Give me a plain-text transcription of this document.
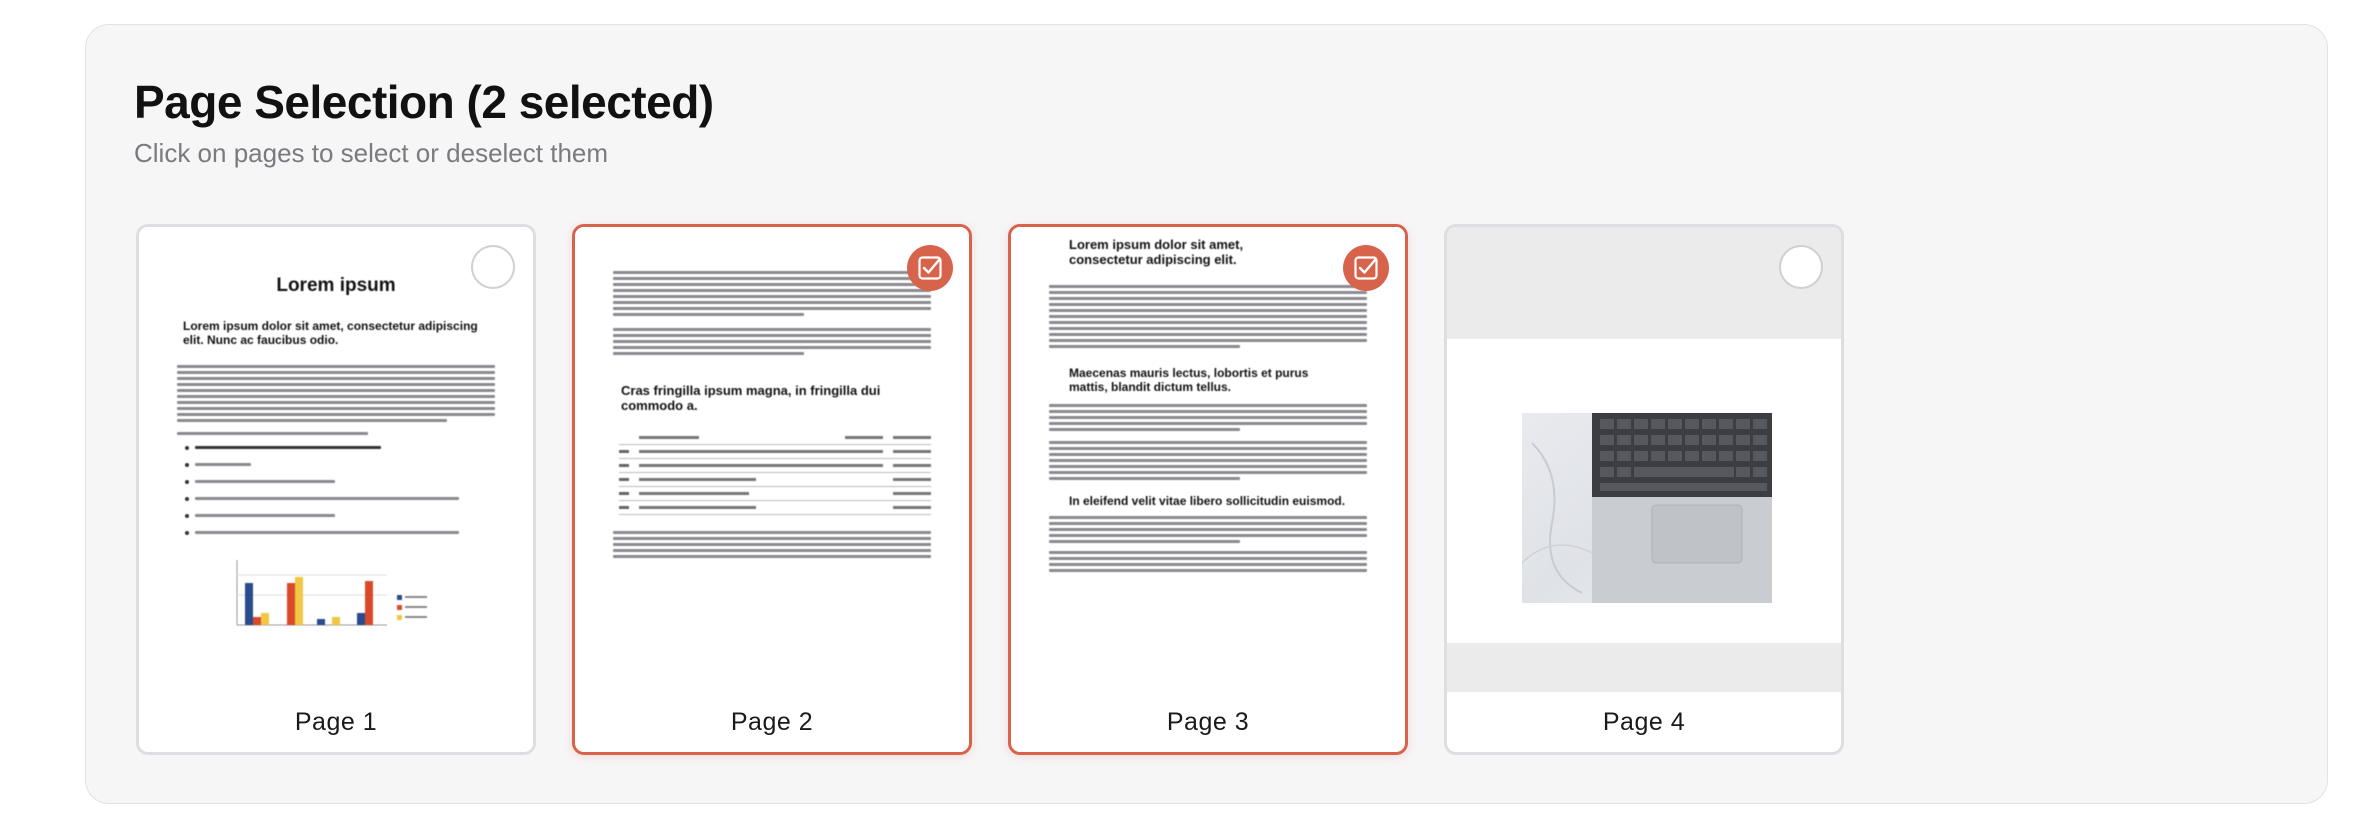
Page Selection (2 selected)

Click on pages to select or deselect them

Lorem ipsum
Lorem ipsum dolor sit amet, consectetur adipiscing elit. Nunc ac faucibus odio.
Page 1
Cras fringilla ipsum magna, in fringilla dui commodo a.
Page 2
Lorem ipsum dolor sit amet, consectetur adipiscing elit.
Maecenas mauris lectus, lobortis et purus mattis, blandit dictum tellus.
In eleifend velit vitae libero sollicitudin euismod.
Page 3	Page 4
